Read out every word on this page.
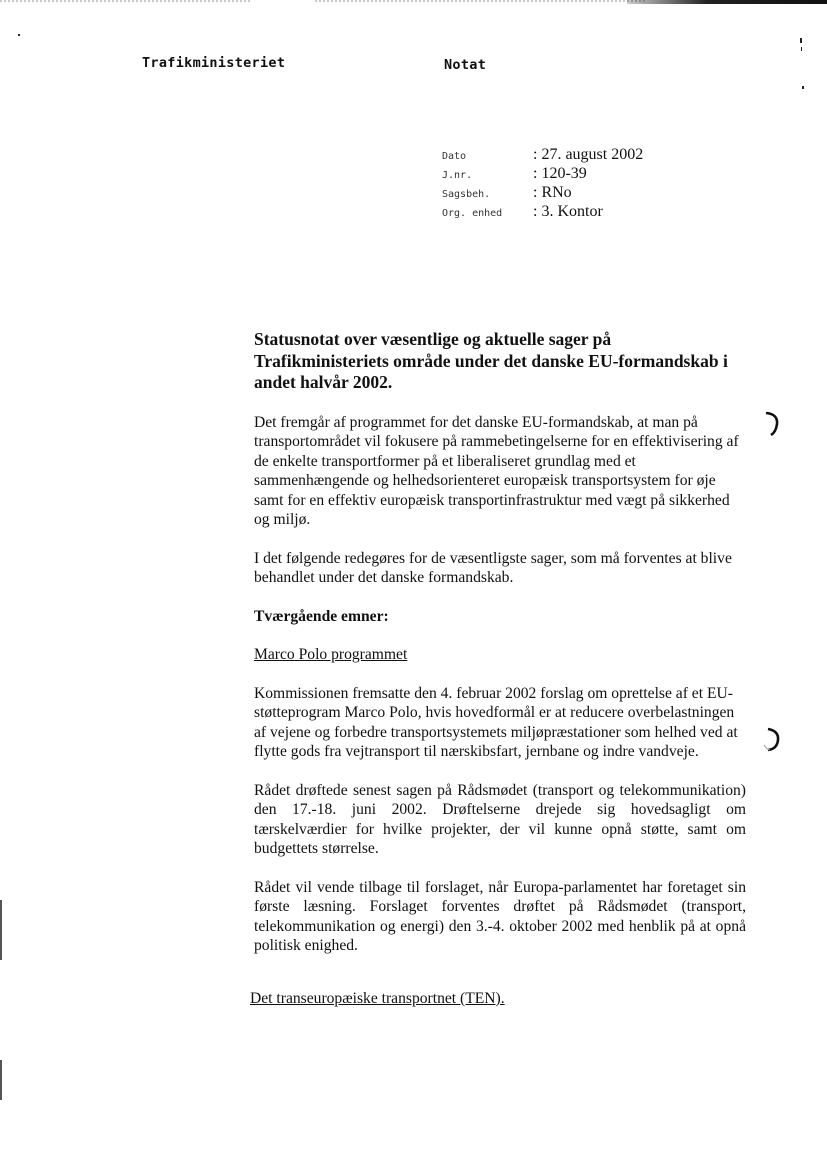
Trafikministeriet	Notat
Dato	: 27. august 2002
J.nr.	: 120-39
Sagsbeh.	: RNo
Org. enhed : 3. Kontor

Statusnotat over væsentlige og aktuelle sager på Trafikministeriets område under det danske EU-formandskab i andet halvår 2002.

Det fremgår af programmet for det danske EU-formandskab, at man på transportområdet vil fokusere på rammebetingelserne for en effektivisering af de enkelte transportformer på et liberaliseret grundlag med et sammenhængende og helhedsorienteret europæisk transportsystem for øje samt for en effektiv europæisk transportinfrastruktur med vægt på sikkerhed og miljø.

I det følgende redegøres for de væsentligste sager, som må forventes at blive behandlet under det danske formandskab.

Tværgående emner:

Marco Polo programmet

Kommissionen fremsatte den 4. februar 2002 forslag om oprettelse af et EU-støtteprogram Marco Polo, hvis hovedformål er at reducere overbelastningen af vejene og forbedre transportsystemets miljøpræstationer som helhed ved at flytte gods fra vejtransport til nærskibsfart, jernbane og indre vandveje.

Rådet drøftede senest sagen på Rådsmødet (transport og telekommunikation) den 17.-18. juni 2002. Drøftelserne drejede sig hovedsagligt om tærskelværdier for hvilke projekter, der vil kunne opnå støtte, samt om budgettets størrelse.

Rådet vil vende tilbage til forslaget, når Europa-parlamentet har foretaget sin første læsning. Forslaget forventes drøftet på Rådsmødet (transport, telekommunikation og energi) den 3.-4. oktober 2002 med henblik på at opnå politisk enighed.

Det transeuropæiske transportnet (TEN).
